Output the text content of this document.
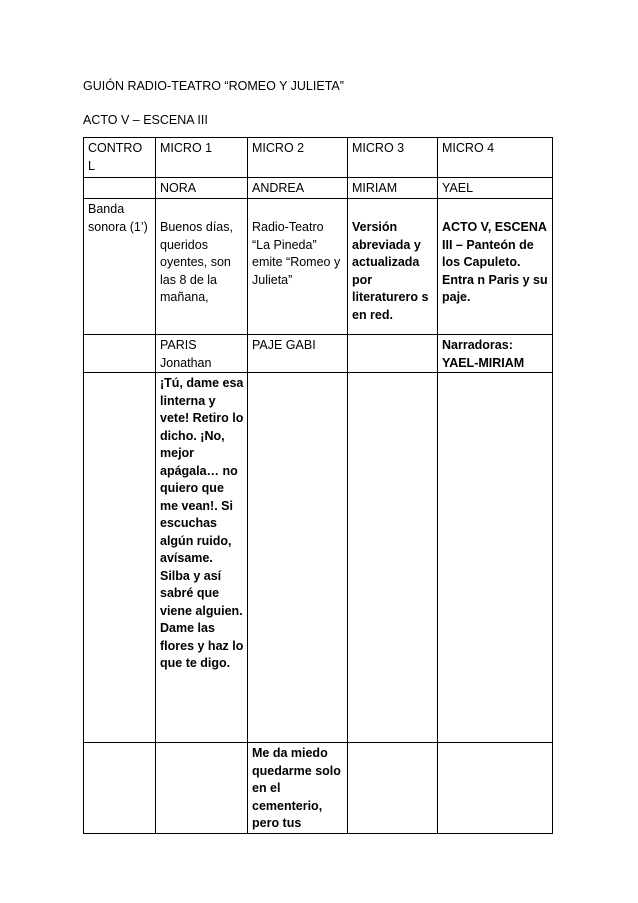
GUIÓN RADIO-TEATRO “ROMEO Y JULIETA”
ACTO V – ESCENA III
CONTRO L	MICRO 1	MICRO 2	MICRO 3	MICRO 4
	NORA	ANDREA	MIRIAM	YAEL
Banda sonora (1’)	Buenos días, queridos oyentes, son las 8 de la mañana,	Radio-Teatro “La Pineda” emite “Romeo y Julieta”	Versión abreviada y actualizada por literaturero s en red.	ACTO V, ESCENA III – Panteón de los Capuleto. Entra n Paris y su paje.
	PARIS Jonathan	PAJE GABI		Narradoras: YAEL-MIRIAM
	¡Tú, dame esa linterna y vete! Retiro lo dicho. ¡No, mejor apágala… no quiero que me vean!. Si escuchas algún ruido, avísame. Silba y así sabré que viene alguien. Dame las flores y haz lo que te digo.			
		Me da miedo quedarme solo en el cementerio, pero tus		
